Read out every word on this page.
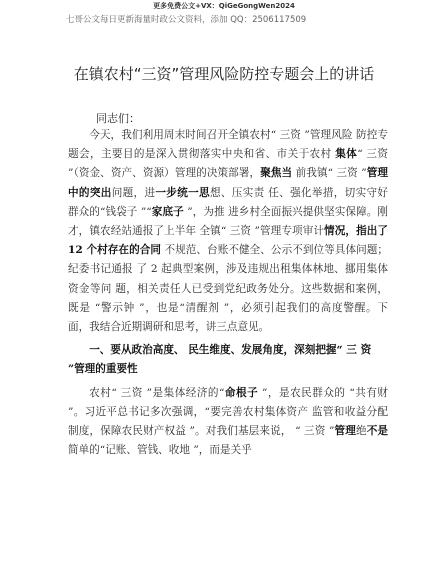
更多免费公文+VX：QiGeGongWen2024
七哥公文每日更新海量时政公文资料，添加 QQ：2506117509
在镇农村“三资”管理风险防控专题会上的讲话
同志们：

今天，我们利用周末时间召开全镇农村“ 三资 ”管理风险 防控专题会，主要目的是深入贯彻落实中央和省、市关于农村 集体“ 三资 ”（资金、资产、资源）管理的决策部署，聚焦当 前我镇“ 三资 ”管理中的突出问题，进一步统一思想、压实责 任、强化举措，切实守好群众的“钱袋子 ”“家底子 ”，为推 进乡村全面振兴提供坚实保障。刚才，镇农经站通报了上半年 全镇“ 三资 ”管理专项审计情况，指出了 12 个村存在的合同 不规范、台账不健全、公示不到位等具体问题；纪委书记通报 了 2 起典型案例，涉及违规出租集体林地、挪用集体资金等问 题，相关责任人已受到党纪政务处分。这些数据和案例，既是 “警示钟 ”，也是“清醒剂 ”，必须引起我们的高度警醒。下 面，我结合近期调研和思考，讲三点意见。

一、要从政治高度、 民生维度、发展角度，深刻把握“ 三 资 ”管理的重要性

农村“ 三资 ”是集体经济的“命根子 ”，是农民群众的 “共有财 ”。习近平总书记多次强调，“要完善农村集体资产 监管和收益分配制度，保障农民财产权益 ”。对我们基层来说， “ 三资 ”管理绝不是简单的“记账、管钱、收地 ”，而是关乎
